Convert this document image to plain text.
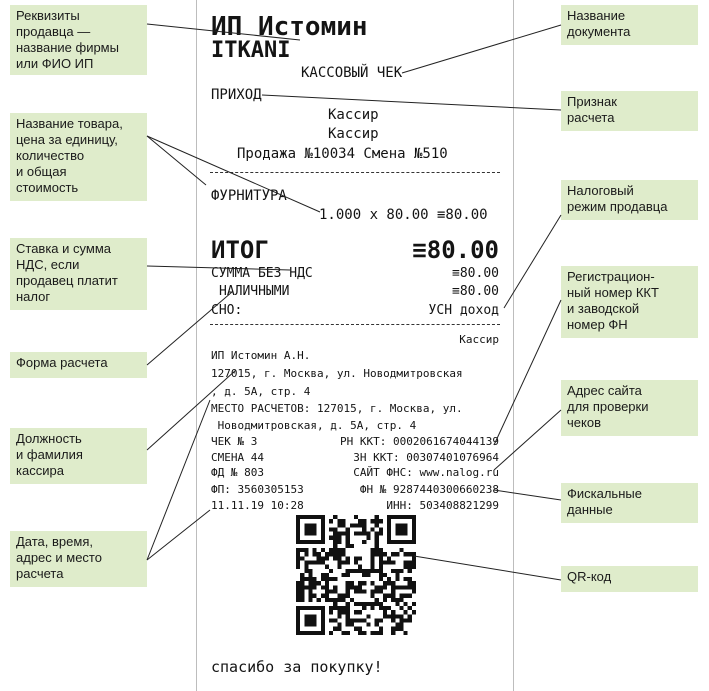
ИП Истомин
ITKANI
КАССОВЫЙ ЧЕК
ПРИХОД
Кассир
Кассир
Продажа №10034 Смена №510
ФУРНИТУРА
1.000 x 80.00 ≡80.00
ИТОГ	≡80.00
СУММА БЕЗ НДС	≡80.00
НАЛИЧНЫМИ	≡80.00
СНО:	УСН доход
Кассир
ИП Истомин А.Н.
127015, г. Москва, ул. Новодмитровская
, д. 5А, стр. 4
МЕСТО РАСЧЕТОВ: 127015, г. Москва, ул.
Новодмитровская, д. 5А, стр. 4
ЧЕК № 3	РН ККТ: 0002061674044139
СМЕНА 44	ЗН ККТ: 00307401076964
ФД № 803	САЙТ ФНС: www.nalog.ru
ФП: 3560305153	ФН № 9287440300660238
11.11.19 10:28	ИНН: 503408821299
спасибо за покупку!
Реквизиты
продавца —
название фирмы
или ФИО ИП
Название товара,
цена за единицу,
количество
и общая
стоимость
Ставка и сумма
НДС, если
продавец платит
налог
Форма расчета
Должность
и фамилия
кассира
Дата, время,
адрес и место
расчета
Название
документа
Признак
расчета
Налоговый
режим продавца
Регистрацион-
ный номер ККТ
и заводской
номер ФН
Адрес сайта
для проверки
чеков
Фискальные
данные
QR-код
